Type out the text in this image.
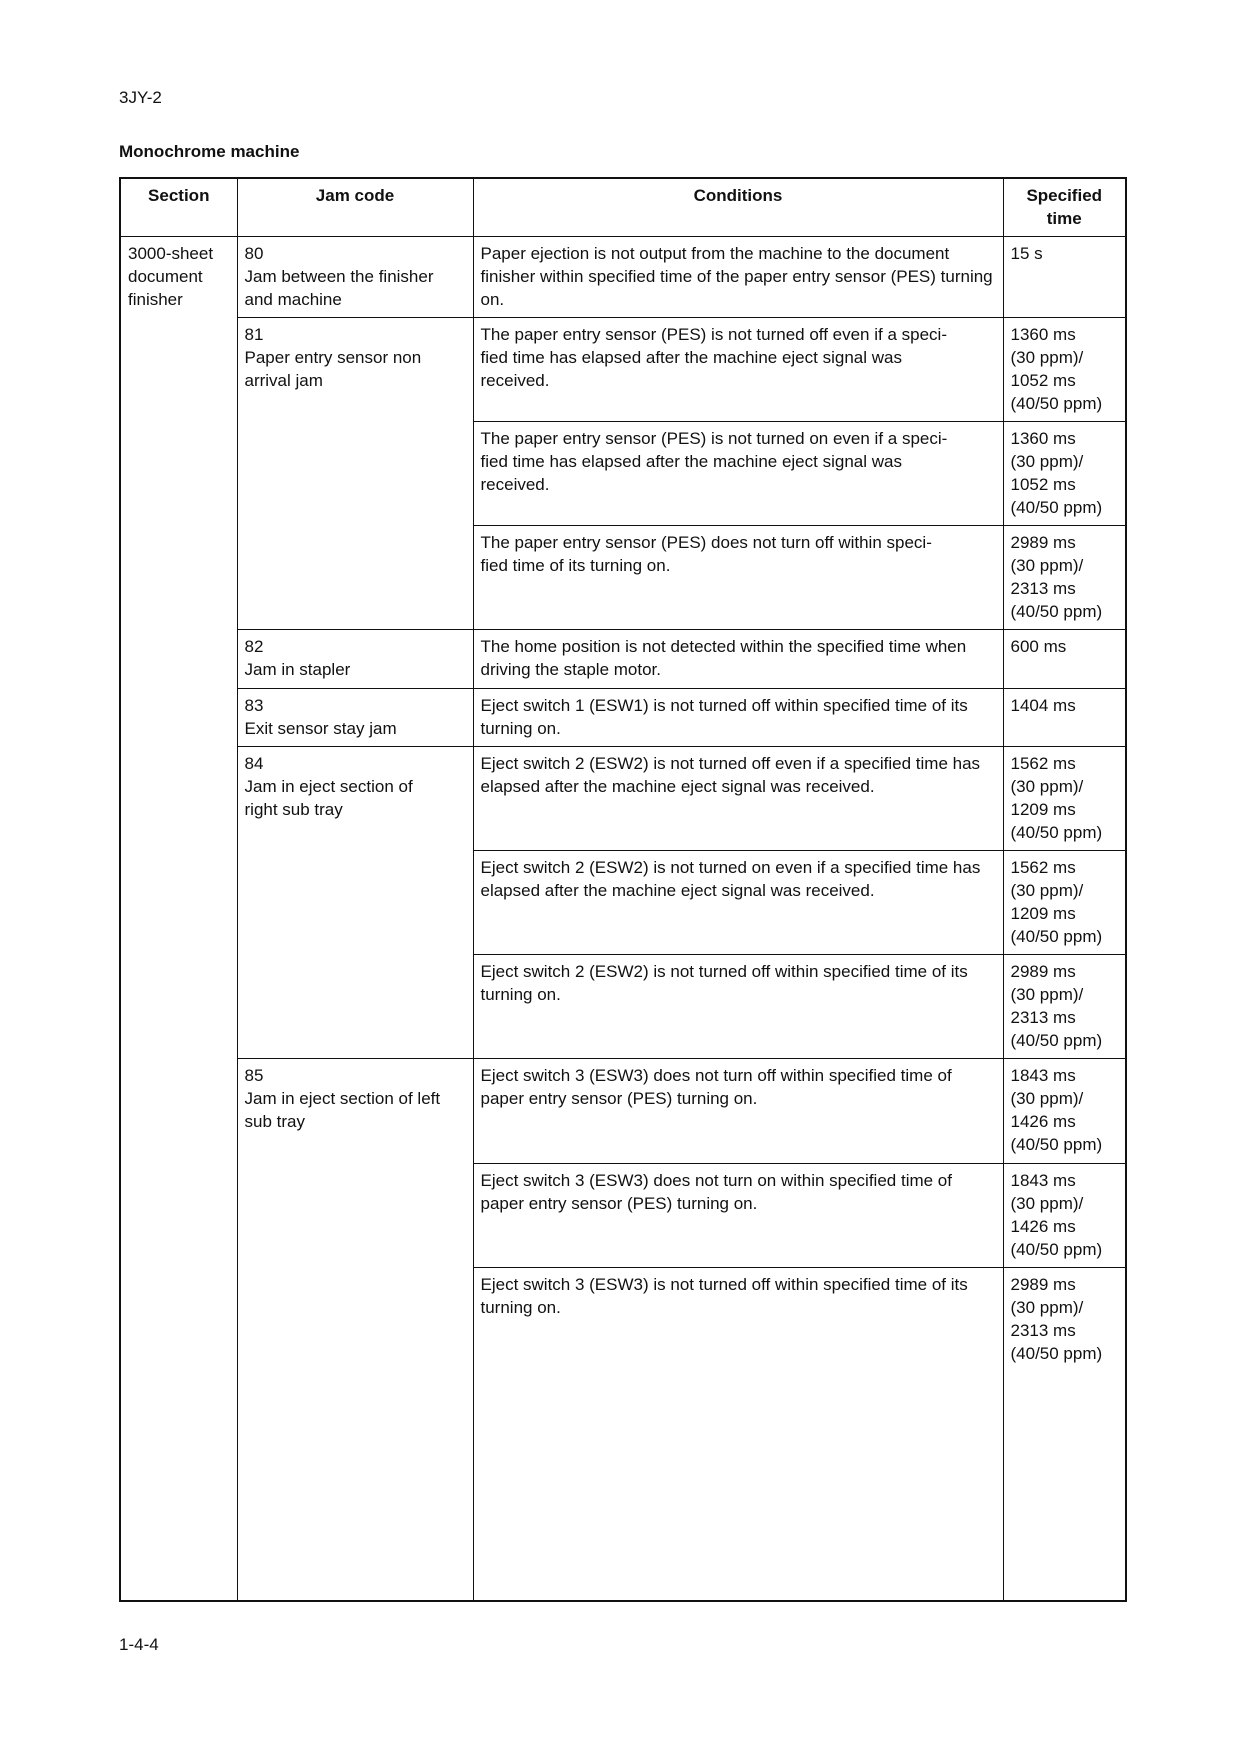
3JY-2
Monochrome machine
Section	Jam code	Conditions	Specified
time
3000-sheet
document
finisher	80
Jam between the finisher
and machine	Paper ejection is not output from the machine to the document finisher within specified time of the paper entry sensor (PES) turning on.	15 s
	81
Paper entry sensor non
arrival jam	The paper entry sensor (PES) is not turned off even if a speci-
fied time has elapsed after the machine eject signal was
received.	1360 ms
(30 ppm)/
1052 ms
(40/50 ppm)
		The paper entry sensor (PES) is not turned on even if a speci-
fied time has elapsed after the machine eject signal was
received.	1360 ms
(30 ppm)/
1052 ms
(40/50 ppm)
		The paper entry sensor (PES) does not turn off within speci-
fied time of its turning on.	2989 ms
(30 ppm)/
2313 ms
(40/50 ppm)
	82
Jam in stapler	The home position is not detected within the specified time when driving the staple motor.	600 ms
	83
Exit sensor stay jam	Eject switch 1 (ESW1) is not turned off within specified time of its turning on.	1404 ms
	84
Jam in eject section of
right sub tray	Eject switch 2 (ESW2) is not turned off even if a specified time has elapsed after the machine eject signal was received.	1562 ms
(30 ppm)/
1209 ms
(40/50 ppm)
		Eject switch 2 (ESW2) is not turned on even if a specified time has elapsed after the machine eject signal was received.	1562 ms
(30 ppm)/
1209 ms
(40/50 ppm)
		Eject switch 2 (ESW2) is not turned off within specified time of its turning on.	2989 ms
(30 ppm)/
2313 ms
(40/50 ppm)
	85
Jam in eject section of left
sub tray	Eject switch 3 (ESW3) does not turn off within specified time of paper entry sensor (PES) turning on.	1843 ms
(30 ppm)/
1426 ms
(40/50 ppm)
		Eject switch 3 (ESW3) does not turn on within specified time of paper entry sensor (PES) turning on.	1843 ms
(30 ppm)/
1426 ms
(40/50 ppm)
		Eject switch 3 (ESW3) is not turned off within specified time of its turning on.	2989 ms
(30 ppm)/
2313 ms
(40/50 ppm)
1-4-4
